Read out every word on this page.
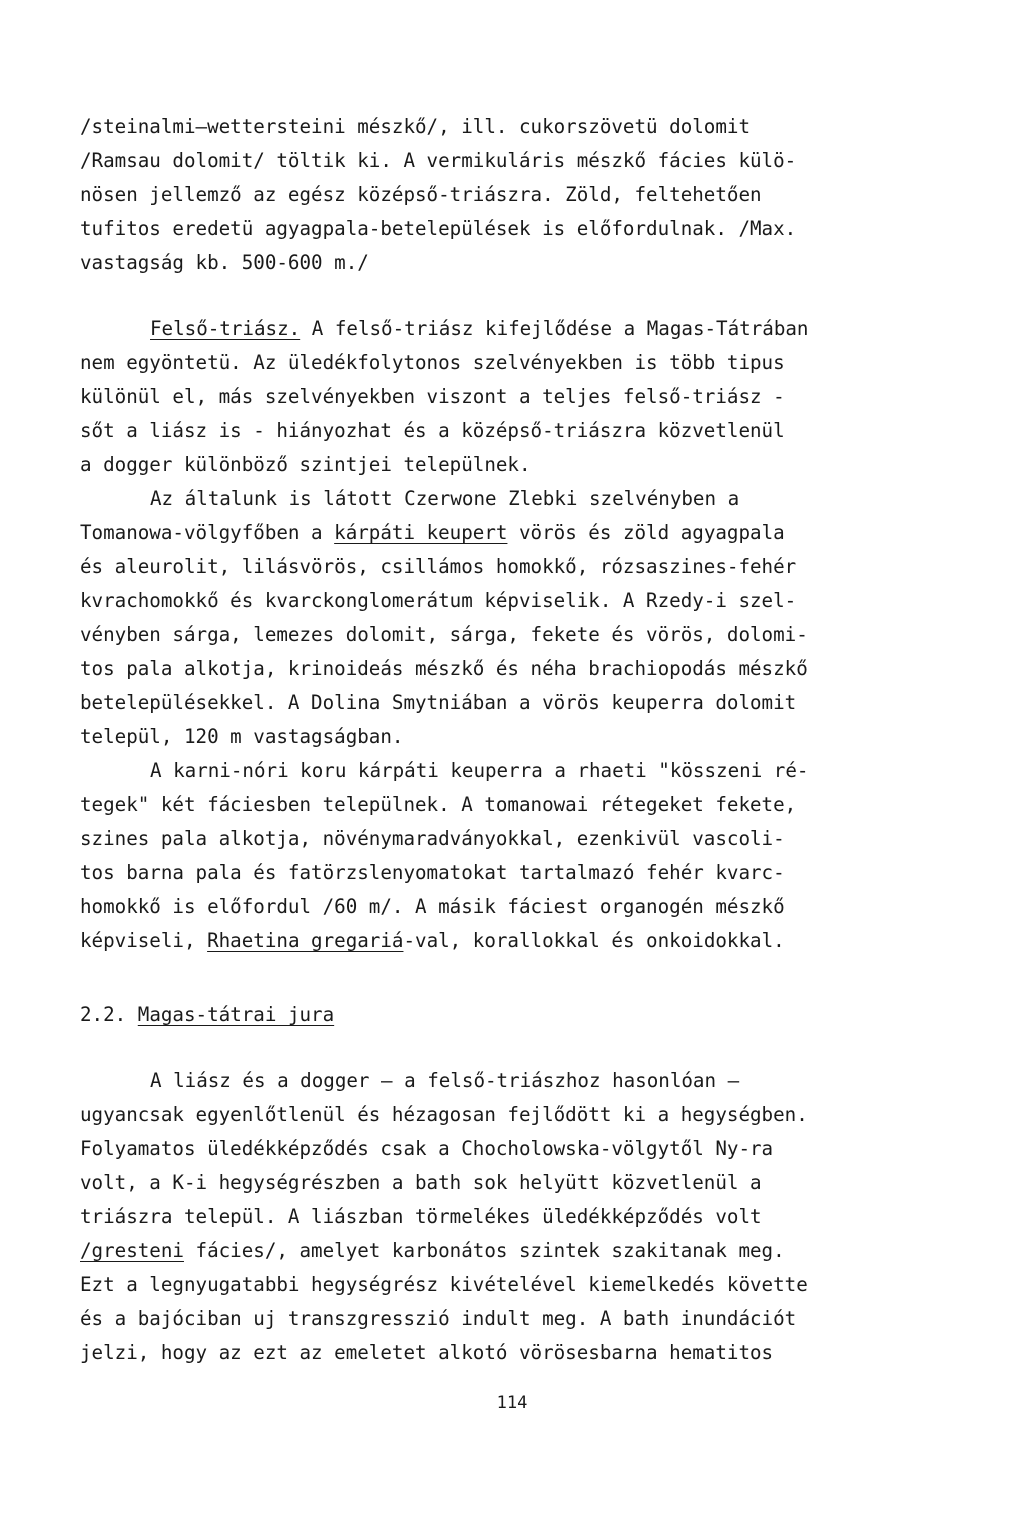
/steinalmi—wettersteini mészkő/, ill. cukorszövetü dolomit
/Ramsau dolomit/ töltik ki. A vermikuláris mészkő fácies külö-
nösen jellemző az egész középső-triászra. Zöld, feltehetően
tufitos eredetü agyagpala-betelepülések is előfordulnak. /Max.
vastagság kb. 500-600 m./
Felső-triász. A felső-triász kifejlődése a Magas-Tátrában
nem egyöntetü. Az üledékfolytonos szelvényekben is több tipus
különül el, más szelvényekben viszont a teljes felső-triász -
sőt a liász is - hiányozhat és a középső-triászra közvetlenül
a dogger különböző szintjei települnek.
Az általunk is látott Czerwone Zlebki szelvényben a
Tomanowa-völgyfőben a kárpáti keupert vörös és zöld agyagpala
és aleurolit, lilásvörös, csillámos homokkő, rózsaszines-fehér
kvrachomokkő és kvarckonglomerátum képviselik. A Rzedy-i szel-
vényben sárga, lemezes dolomit, sárga, fekete és vörös, dolomi-
tos pala alkotja, krinoideás mészkő és néha brachiopodás mészkő
betelepülésekkel. A Dolina Smytniában a vörös keuperra dolomit
települ, 120 m vastagságban.
A karni-nóri koru kárpáti keuperra a rhaeti "kösszeni ré-
tegek" két fáciesben települnek. A tomanowai rétegeket fekete,
szines pala alkotja, növénymaradványokkal, ezenkivül vascoli-
tos barna pala és fatörzslenyomatokat tartalmazó fehér kvarc-
homokkő is előfordul /60 m/. A másik fáciest organogén mészkő
képviseli, Rhaetina gregariá-val, korallokkal és onkoidokkal.
2.2. Magas-tátrai jura
A liász és a dogger — a felső-triászhoz hasonlóan —
ugyancsak egyenlőtlenül és hézagosan fejlődött ki a hegységben.
Folyamatos üledékképződés csak a Chocholowska-völgytől Ny-ra
volt, a K-i hegységrészben a bath sok helyütt közvetlenül a
triászra települ. A liászban törmelékes üledékképződés volt
/gresteni fácies/, amelyet karbonátos szintek szakitanak meg.
Ezt a legnyugatabbi hegységrész kivételével kiemelkedés követte
és a bajóciban uj transzgresszió indult meg. A bath inundációt
jelzi, hogy az ezt az emeletet alkotó vörösesbarna hematitos
114
